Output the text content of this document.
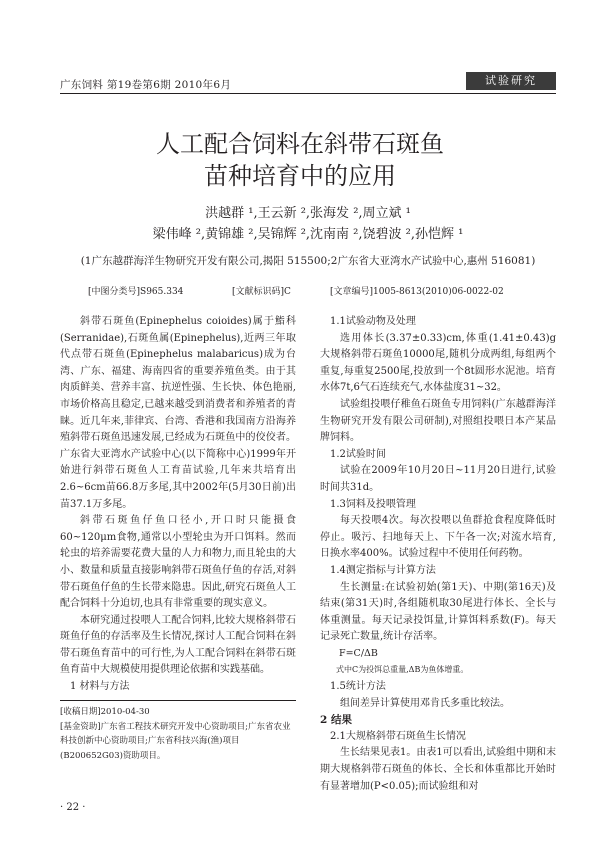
广东饲料 第19卷第6期 2010年6月	试验研究
人工配合饲料在斜带石斑鱼
苗种培育中的应用
洪越群 ¹,王云新 ²,张海发 ²,周立斌 ¹
梁伟峰 ²,黄锦雄 ²,吴锦辉 ²,沈南南 ²,饶碧波 ²,孙恺辉 ¹
(1广东越群海洋生物研究开发有限公司,揭阳 515500;2广东省大亚湾水产试验中心,惠州 516081)
[中图分类号]S965.334	[文献标识码]C	[文章编号]1005-8613(2010)06-0022-02

斜带石斑鱼(Epinephelus coioides)属于鮨科(Serranidae),石斑鱼属(Epinephelus),近两三年取代点带石斑鱼(Epinephelus malabaricus)成为台湾、广东、福建、海南四省的重要养殖鱼类。由于其肉质鲜美、营养丰富、抗逆性强、生长快、体色艳丽,市场价格高且稳定,已越来越受到消费者和养殖者的青睐。近几年来,菲律宾、台湾、香港和我国南方沿海养殖斜带石斑鱼迅速发展,已经成为石斑鱼中的佼佼者。广东省大亚湾水产试验中心(以下简称中心)1999年开始进行斜带石斑鱼人工育苗试验,几年来共培育出2.6~6cm苗66.8万多尾,其中2002年(5月30日前)出苗37.1万多尾。

斜带石斑鱼仔鱼口径小,开口时只能摄食60~120μm食物,通常以小型轮虫为开口饵料。然而轮虫的培养需要花费大量的人力和物力,而且轮虫的大小、数量和质量直接影响斜带石斑鱼仔鱼的存活,对斜带石斑鱼仔鱼的生长带来隐患。因此,研究石斑鱼人工配合饲料十分迫切,也具有非常重要的现实意义。

本研究通过投喂人工配合饲料,比较大规格斜带石斑鱼仔鱼的存活率及生长情况,探讨人工配合饲料在斜带石斑鱼育苗中的可行性,为人工配合饲料在斜带石斑鱼育苗中大规模使用提供理论依据和实践基础。

1 材料与方法

[收稿日期]2010-04-30

[基金资助]广东省工程技术研究开发中心资助项目;广东省农业科技创新中心资助项目;广东省科技兴海(渔)项目(B200652G03)资助项目。

1.1试验动物及处理

选用体长(3.37±0.33)cm,体重(1.41±0.43)g大规格斜带石斑鱼10000尾,随机分成两组,每组两个重复,每重复2500尾,投放到一个8t圆形水泥池。培育水体7t,6气石连续充气,水体盐度31~32。

试验组投喂仔稚鱼石斑鱼专用饲料(广东越群海洋生物研究开发有限公司研制),对照组投喂日本产某品牌饲料。

1.2试验时间

试验在2009年10月20日~11月20日进行,试验时间共31d。

1.3饲料及投喂管理

每天投喂4次。每次投喂以鱼群抢食程度降低时停止。吸污、扫地每天上、下午各一次;对流水培育,日换水率400%。试验过程中不使用任何药物。

1.4测定指标与计算方法

生长测量:在试验初始(第1天)、中期(第16天)及结束(第31天)时,各组随机取30尾进行体长、全长与体重测量。每天记录投饵量,计算饵料系数(F)。每天记录死亡数量,统计存活率。

F=C/ΔB

式中C为投饵总重量,ΔB为鱼体增重。

1.5统计方法

组间差异计算使用邓肯氏多重比较法。

2 结果

2.1大规格斜带石斑鱼生长情况

生长结果见表1。由表1可以看出,试验组中期和末期大规格斜带石斑鱼的体长、全长和体重都比开始时有显著增加(P<0.05);而试验组和对

· 22 ·
